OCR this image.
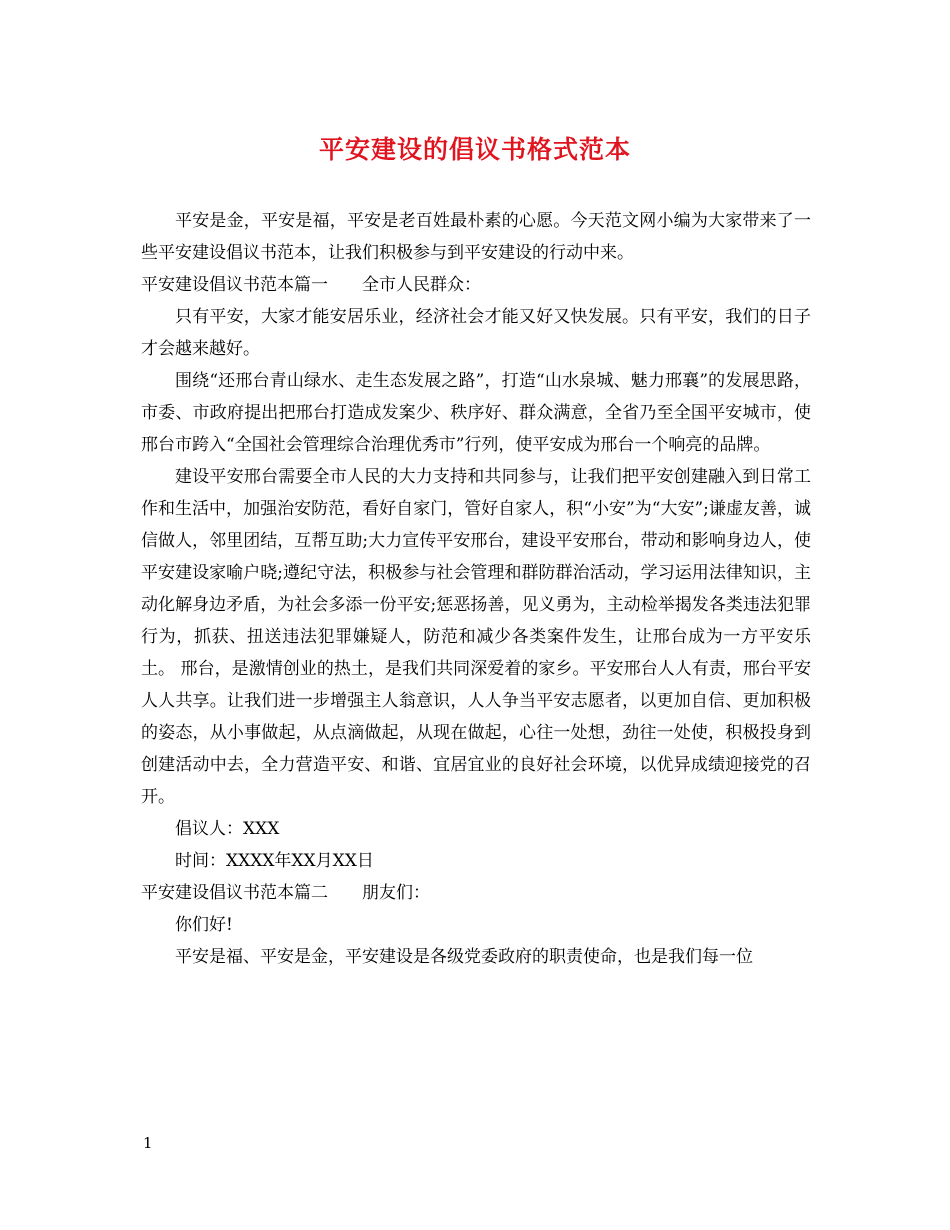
平安建设的倡议书格式范本

平安是金，平安是福，平安是老百姓最朴素的心愿。今天范文网小编为大家带来了一些平安建设倡议书范本，让我们积极参与到平安建设的行动中来。

平安建设倡议书范本篇一　　全市人民群众：

只有平安，大家才能安居乐业，经济社会才能又好又快发展。只有平安，我们的日子才会越来越好。

围绕“还邢台青山绿水、走生态发展之路”，打造“山水泉城、魅力邢襄”的发展思路，市委、市政府提出把邢台打造成发案少、秩序好、群众满意，全省乃至全国平安城市，使邢台市跨入“全国社会管理综合治理优秀市”行列，使平安成为邢台一个响亮的品牌。

建设平安邢台需要全市人民的大力支持和共同参与，让我们把平安创建融入到日常工作和生活中，加强治安防范，看好自家门，管好自家人，积“小安”为“大安”;谦虚友善，诚信做人，邻里团结，互帮互助;大力宣传平安邢台，建设平安邢台，带动和影响身边人，使平安建设家喻户晓;遵纪守法，积极参与社会管理和群防群治活动，学习运用法律知识，主动化解身边矛盾，为社会多添一份平安;惩恶扬善，见义勇为，主动检举揭发各类违法犯罪行为，抓获、扭送违法犯罪嫌疑人，防范和减少各类案件发生，让邢台成为一方平安乐土。 邢台，是激情创业的热土，是我们共同深爱着的家乡。平安邢台人人有责，邢台平安人人共享。让我们进一步增强主人翁意识，人人争当平安志愿者，以更加自信、更加积极的姿态，从小事做起，从点滴做起，从现在做起，心往一处想，劲往一处使，积极投身到创建活动中去，全力营造平安、和谐、宜居宜业的良好社会环境，以优异成绩迎接党的召开。

倡议人：XXX

时间：XXXX年XX月XX日

平安建设倡议书范本篇二　　朋友们：

你们好!

平安是福、平安是金，平安建设是各级党委政府的职责使命，也是我们每一位

1
